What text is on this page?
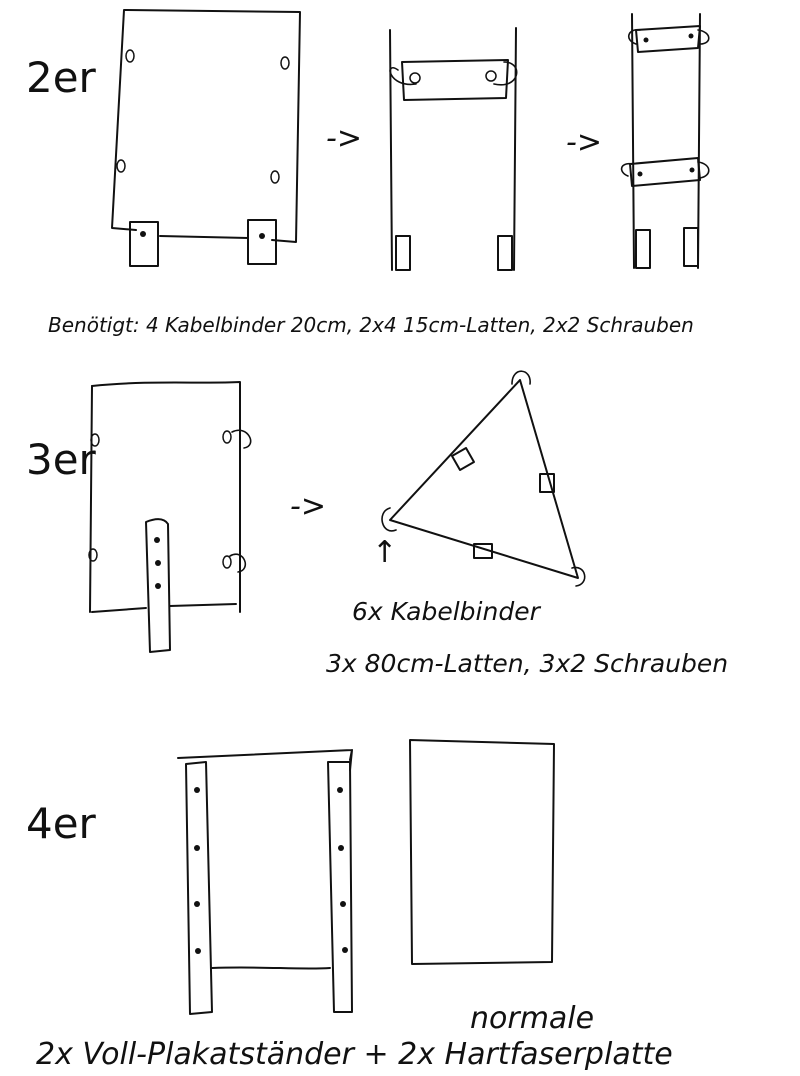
2er
->	->
Benötigt: 4 Kabelbinder 20cm, 2x4 15cm-Latten, 2x2 Schrauben
3er
->
↑
6x Kabelbinder
3x 80cm-Latten, 3x2 Schrauben
4er
normale
2x Voll-Plakatständer + 2x Hartfaserplatte
